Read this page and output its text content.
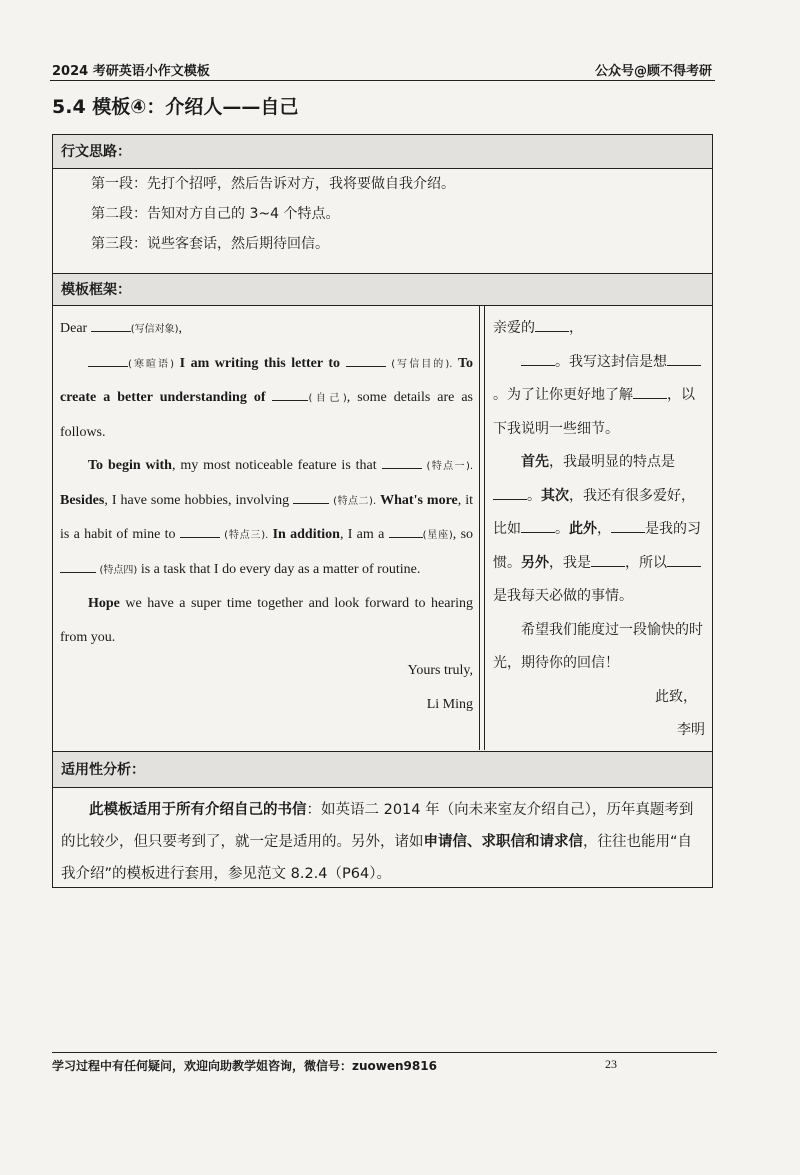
2024 考研英语小作文模板	公众号@顾不得考研
5.4 模板④：介绍人——自己
行文思路：
第一段：先打个招呼，然后告诉对方，我将要做自我介绍。
第二段：告知对方自己的 3~4 个特点。
第三段：说些客套话，然后期待回信。
模板框架：
Dear	(写信对象),
(寒暄语) I am writing this letter to	(写信目的). To create a better understanding of	(自己), some details are as follows.
To begin with, my most noticeable feature is that	(特点一). Besides, I have some hobbies, involving	(特点二). What's more, it is a habit of mine to	(特点三). In addition, I am a	(星座), so  (特点四) is a task that I do every day as a matter of routine.
Hope we have a super time together and look forward to hearing from you.
Yours truly,
Li Ming
亲爱的 ，
。我写这封信是想。为了让你更好地了解 ，以下我说明一些细节。
首先，我最明显的特点是。其次，我还有很多爱好，比如 。此外， 是我的习惯。另外，我是 ，所以是我每天必做的事情。
希望我们能度过一段愉快的时光，期待你的回信！
此致，
李明
适用性分析：
此模板适用于所有介绍自己的书信：如英语二 2014 年（向未来室友介绍自己），历年真题考到的比较少，但只要考到了，就一定是适用的。另外，诸如申请信、求职信和请求信，往往也能用“自我介绍”的模板进行套用，参见范文 8.2.4（P64）。
学习过程中有任何疑问，欢迎向助教学姐咨询，微信号：zuowen9816	23
